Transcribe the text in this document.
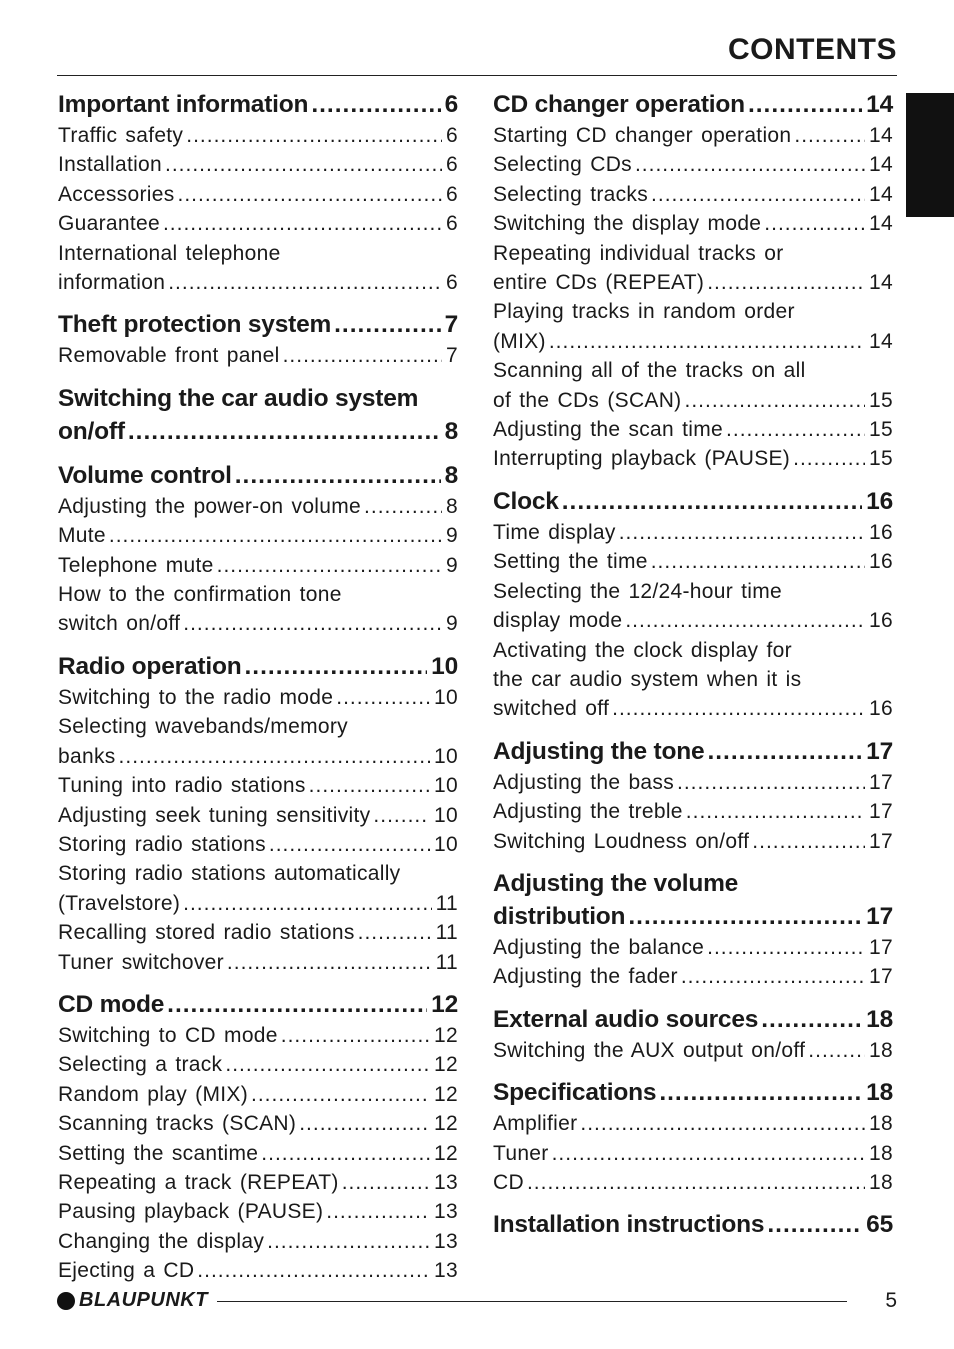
CONTENTS
Important information .....	6
Traffic safety .....	6
Installation .....	6
Accessories .....	6
Guarantee .....	6
International telephone
information .....	6
Theft protection system .....	7
Removable front panel .....	7
Switching the car audio system
on/off .....	8
Volume control .....	8
Adjusting the power-on volume .....	8
Mute .....	9
Telephone mute .....	9
How to the confirmation tone
switch on/off .....	9
Radio operation .....	10
Switching to the radio mode .....	10
Selecting wavebands/memory
banks .....	10
Tuning into radio stations .....	10
Adjusting seek tuning sensitivity .....	10
Storing radio stations .....	10
Storing radio stations automatically
(Travelstore) .....	11
Recalling stored radio stations .....	11
Tuner switchover .....	11
CD mode .....	12
Switching to CD mode .....	12
Selecting a track .....	12
Random play (MIX) .....	12
Scanning tracks (SCAN) .....	12
Setting the scantime .....	12
Repeating a track (REPEAT) .....	13
Pausing playback (PAUSE) .....	13
Changing the display .....	13
Ejecting a CD .....	13
CD changer operation .....	14
Starting CD changer operation .....	14
Selecting CDs .....	14
Selecting tracks .....	14
Switching the display mode .....	14
Repeating individual tracks or
entire CDs (REPEAT) .....	14
Playing tracks in random order
(MIX) .....	14
Scanning all of the tracks on all
of the CDs (SCAN) .....	15
Adjusting the scan time .....	15
Interrupting playback (PAUSE) .....	15
Clock .....	16
Time display .....	16
Setting the time .....	16
Selecting the 12/24-hour time
display mode .....	16
Activating the clock display for
the car audio system when it is
switched off .....	16
Adjusting the tone .....	17
Adjusting the bass .....	17
Adjusting the treble .....	17
Switching Loudness on/off .....	17
Adjusting the volume
distribution .....	17
Adjusting the balance .....	17
Adjusting the fader .....	17
External audio sources .....	18
Switching the AUX output on/off .....	18
Specifications .....	18
Amplifier .....	18
Tuner .....	18
CD .....	18
Installation instructions .....	65
BLAUPUNKT	5
